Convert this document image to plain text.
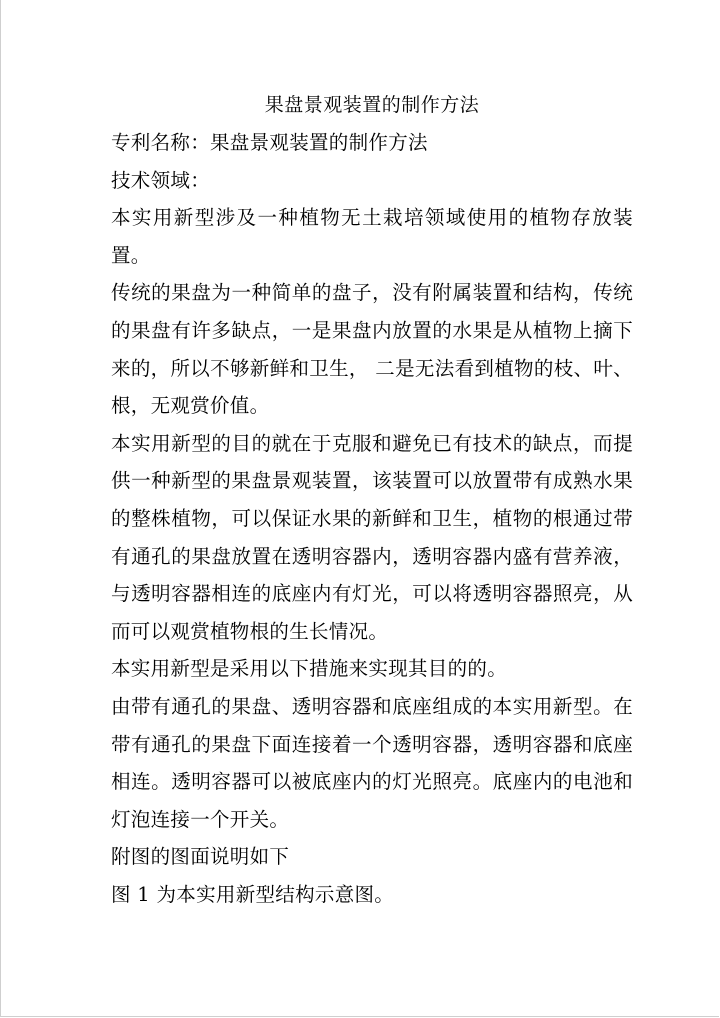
果盘景观装置的制作方法

专利名称：果盘景观装置的制作方法

技术领域：

本实用新型涉及一种植物无土栽培领域使用的植物存放装置。

传统的果盘为一种简单的盘子，没有附属装置和结构，传统的果盘有许多缺点，一是果盘内放置的水果是从植物上摘下来的，所以不够新鲜和卫生， 二是无法看到植物的枝、叶、根，无观赏价值。

本实用新型的目的就在于克服和避免已有技术的缺点，而提供一种新型的果盘景观装置，该装置可以放置带有成熟水果的整株植物，可以保证水果的新鲜和卫生，植物的根通过带有通孔的果盘放置在透明容器内，透明容器内盛有营养液，与透明容器相连的底座内有灯光，可以将透明容器照亮，从而可以观赏植物根的生长情况。

本实用新型是采用以下措施来实现其目的的。

由带有通孔的果盘、透明容器和底座组成的本实用新型。在带有通孔的果盘下面连接着一个透明容器，透明容器和底座相连。透明容器可以被底座内的灯光照亮。底座内的电池和灯泡连接一个开关。

附图的图面说明如下

图 1 为本实用新型结构示意图。
